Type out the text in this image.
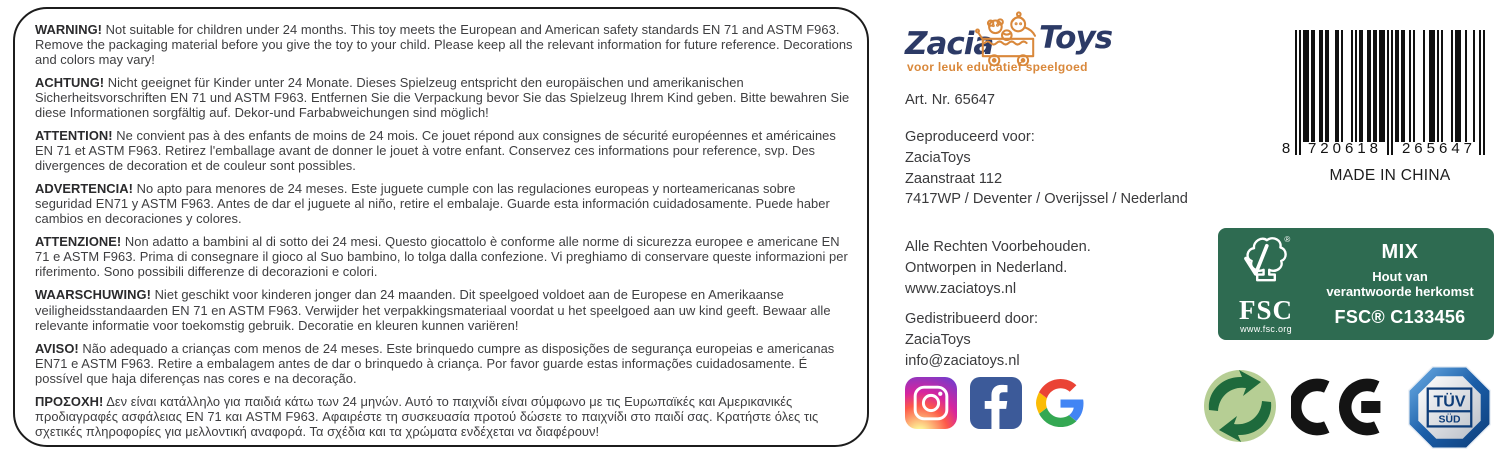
WARNING! Not suitable for children under 24 months. This toy meets the European and American safety standards EN 71 and ASTM F963. Remove the packaging material before you give the toy to your child. Please keep all the relevant information for future reference. Decorations and colors may vary!

ACHTUNG! Nicht geeignet für Kinder unter 24 Monate. Dieses Spielzeug entspricht den europäischen und amerikanischen Sicherheitsvorschriften EN 71 und ASTM F963. Entfernen Sie die Verpackung bevor Sie das Spielzeug Ihrem Kind geben. Bitte bewahren Sie diese Informationen sorgfältig auf. Dekor-und Farbabweichungen sind möglich!

ATTENTION! Ne convient pas à des enfants de moins de 24 mois. Ce jouet répond aux consignes de sécurité européennes et américaines EN 71 et ASTM F963. Retirez l'emballage avant de donner le jouet à votre enfant. Conservez ces informations pour reference, svp. Des divergences de decoration et de couleur sont possibles.

ADVERTENCIA! No apto para menores de 24 meses. Este juguete cumple con las regulaciones europeas y norteamericanas sobre seguridad EN71 y ASTM F963. Antes de dar el juguete al niño, retire el embalaje. Guarde esta información cuidadosamente. Puede haber cambios en decoraciones y colores.

ATTENZIONE! Non adatto a bambini al di sotto dei 24 mesi. Questo giocattolo è conforme alle norme di sicurezza europee e americane EN 71 e ASTM F963. Prima di consegnare il gioco al Suo bambino, lo tolga dalla confezione. Vi preghiamo di conservare queste informazioni per riferimento. Sono possibili differenze di decorazioni e colori.

WAARSCHUWING! Niet geschikt voor kinderen jonger dan 24 maanden. Dit speelgoed voldoet aan de Europese en Amerikaanse veiligheidsstandaarden EN 71 en ASTM F963. Verwijder het verpakkingsmateriaal voordat u het speelgoed aan uw kind geeft. Bewaar alle relevante informatie voor toekomstig gebruik. Decoratie en kleuren kunnen variëren!

AVISO! Não adequado a crianças com menos de 24 meses. Este brinquedo cumpre as disposições de segurança europeias e americanas EN71 e ASTM F963. Retire a embalagem antes de dar o brinquedo à criança. Por favor guarde estas informações cuidadosamente. É possível que haja diferenças nas cores e na decoração.

ΠΡΟΣΟΧΗ! Δεν είναι κατάλληλο για παιδιά κάτω των 24 μηνών. Αυτό το παιχνίδι είναι σύμφωνο με τις Ευρωπαϊκές και Αμερικανικές προδιαγραφές ασφάλειας EN 71 και ASTM F963. Αφαιρέστε τη συσκευασία προτού δώσετε το παιχνίδι στο παιδί σας. Κρατήστε όλες τις σχετικές πληροφορίες για μελλοντική αναφορά. Τα σχέδια και τα χρώματα ενδέχεται να διαφέρουν!

Zacia Toys
voor leuk educatief speelgoed
Art. Nr. 65647
Geproduceerd voor:
ZaciaToys
Zaanstraat 112
7417WP / Deventer / Overijssel / Nederland
Alle Rechten Voorbehouden.
Ontworpen in Nederland.
www.zaciatoys.nl
Gedistribueerd door:
ZaciaToys
info@zaciatoys.nl
8	720618	265647
MADE IN CHINA
®
FSC
www.fsc.org
MIX
Hout van
verantwoorde herkomst
FSC® C133456
TÜV
SÜD
